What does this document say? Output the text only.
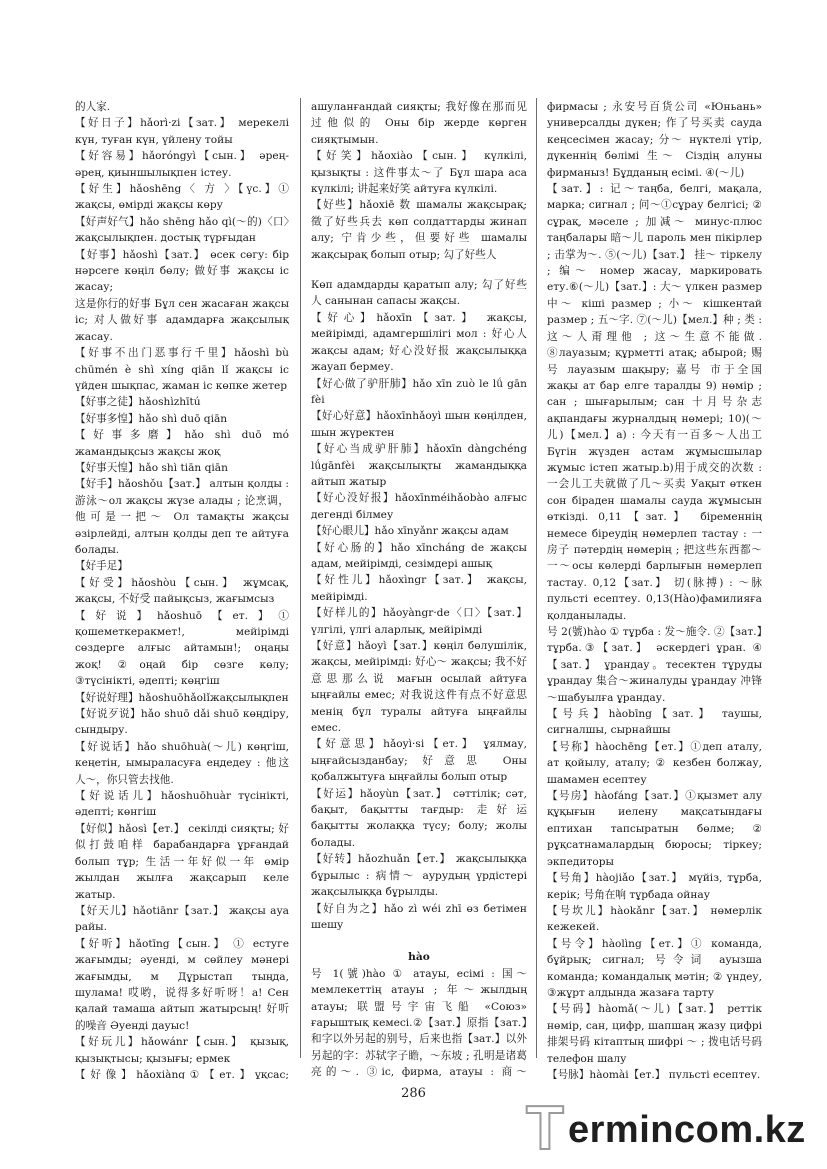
的人家.

【好日子】hǎorì·zi【зат.】 мерекелі күн, туған күн, үйлену тойы

【好容易】hǎoróngyì【сын.】 әрең-әрең, қиыншылықпен істеу.

【好生】hǎoshēng〈 ⽅ 〉【үс.】① жақсы, өмірді жақсы көру

【好声好气】hǎo shēng hǎo qì(～的)〈口〉жақсылықпен. достық түрғыдан

【好事】hǎoshì【зат.】 өсек сөгу: бір нәрсеге көңіл бөлу; 做好事 жақсы іс жасау;

这是你行的好事 Бұл сен жасаған жақсы іс; 对人做好事 адамдарға жақсылық жасау.

【好事不出门恶事行千里】hǎoshì bù chūmén è shì xíng qiān lǐ жақсы іс үйден шықпас, жаман іс көпке жетер

【好事之徒】hǎoshìzhītú

【好事多惶】hǎo shì duō qiān

【好事多磨】hǎo shì duō mó жамандықсыз жақсы жоқ

【好事天惶】hǎo shì tiān qiān

【好手】hǎoshǒu【зат.】 алтын қолды : 游泳～ол жақсы жүзе алады ; 论烹调，他可是一把～ Ол тамақты жақсы әзірлейді, алтын қолды деп те айтуға болады.

【好手足】

【好受】hǎoshòu【сын.】 жұмсақ, жақсы, 不好受 пайықсыз, жағымсыз

【好说】hǎoshuō【ет.】① қошеметкеракмет!, мейірімді сөздерге алғыс айтамын!; оңаңы жоқ! ②оңай бір сөзге көлу; ③түсінікті, әдепті; көңгіш

【好说好理】hǎoshuōhǎolǐжақсылықпен

【好说歹说】hǎo shuō dǎi shuō көңдіру, сындыру.

【好说话】hǎo shuōhuà(～儿) көңгіш, кеңетін, ымыраласуға еңдедеу : 他这人～，你只管去找他.

【好说话儿】hǎoshuōhuàr түсінікті, әдепті; көнгіш

【好似】hǎosì【ет.】 секілді сияқты; 好似打鼓咱样 барабандарға ұрғандай болып тұр; 生活一年好似一年 өмір жылдан жылға жақсарып келе жатыр.

【好天儿】hǎotiānr【зат.】 жақсы ауа райы.

【好听】hǎotīng【сын.】 ① естуге жағымды; әуенді, м сөйлеу мәнері жағымды, м Дұрыстап тыңда, шулама! 哎哟，说得多好听呀！а! Сен қалай тамаша айтып жатырсың! 好听的噪音 Әуенді дауыс!

【好玩儿】hǎowánr【сын.】 қызық, қызықтысы; қызығы; ермек

【好像】hǎoxiàng①【ет.】ұқсас;

ашуланғандай сияқты; 我好像在那而见过他似的 Оны бір жерде көрген сияқтымын.

【好笑】hǎoxiào【сын.】 күлкілі, қызықты : 这件事太～了 Бұл шара аса күлкілі; 讲起来好笑 айтуға күлкілі.

【好些】hǎoxiē 数 шамалы жақсырақ; 徵了好些兵去 көп солдаттарды жинап алу; 宁肯少些，但要好些 шамалы жақсырақ болып отыр; 勾了好些人

Көп адамдарды қаратып алу; 勾了好些人 санынан сапасы жақсы.

【好心】hǎoxīn【зат.】 жақсы, мейірімді, адамгершілігі мол : 好心人 жақсы адам; 好心没好报 жақсылыққа жауап бермеу.

【好心做了驴肝肺】hǎo xīn zuò le lǘ gān fèi

【好心好意】hǎoxīnhǎoyì шын көңілден, шын жүректен

【好心当成驴肝肺】hǎoxīn dàngchéng lǘgānfèi жақсылықты жамандыққа айтып жатыр

【好心没好报】hǎoxīnméihǎobào алғыс дегенді білмеу

【好心眼儿】hǎo xīnyǎnr жақсы адам

【好心肠的】hǎo xīncháng de жақсы адам, мейірімді, сезімдері ашық

【好性儿】hǎoxìngr【зат.】 жақсы, мейірімді.

【好样儿的】hǎoyàngr·de〈口〉【зат.】 үлгілі, үлгі аларлық, мейірімді

【好意】hǎoyì【зат.】көңіл бөлушілік, жақсы, мейірімді: 好心～ жақсы; 我不好意思那么说 мағын осылай айтуға ыңғайлы емес; 对我说这件有点不好意思 менің бұл туралы айтуға ыңғайлы емес.

【好意思】hǎoyì·si【ет.】 ұялмау, ыңғайсызданбау; 好意思 Оны қобалжытуға ыңғайлы болып отыр

【好运】hǎoyùn【зат.】 сәттілік; сәт, бақыт, бақытты тағдыр: 走好运 бақытты жолаққа түсу; болу; жолы болады.

【好转】hǎozhuǎn【ет.】 жақсылыққа бұрылыс : 病情～ аурудың үрдістері жақсылыққа бұрылды.

【好自为之】hǎo zì wéi zhī өз бетімен шешу

hào

号 1(號)hào ① атауы, есімі : 国～ мемлекеттің атауы ; 年～жылдың атауы; 联盟号宇宙飞船 «Союз» ғарыштық кемесі.②【зат.】原指【зат.】和字以外另起的别号，后来也指【зат.】以外另起的字：苏轼字子瞻，～东坡 ; 孔明是诸葛亮的～. ③ic, фирма, атауы : 商～

фирмасы ; 永安号百货公司 «Юньань» универсалды дүкен; 作了号买卖 сауда кеңсесімен жасау; 分～ нүктелі үтір, дүкеннің бөлімі 生～ Сіздің алуны фирманыз! Бұдданың есімі. ④(～儿)

【зат.】: 记～таңба, белгі, мақала, марка; сигнал ; 问～①сұрау белгісі; ② сұрақ, мәселе ; 加减～ минус-плюс таңбалары 暗～儿 пароль мен пікірлер ; 击掌为～. ⑤(～儿)【зат.】 挂～ тіркелу ; 编～ номер жасау, маркировать ету.⑥(～儿)【зат.】: 大～ үлкен размер 中～ кіші размер ; 小～ кішкентай размер ; 五～字. ⑦(～儿)【мел.】种 ; 类 : 这～人甭理他 ; 这～生意不能做. ⑧лауазым; құрметті атақ; абырой; 赐号 лауазым шақыру; 嘉号 市于全国 жақы ат бар елге таралды 9) нөмір ; сан ; шығарылым; сан 十月号杂志 ақпандағы журналдың нөмері; 10)(～儿)【мел.】а) : 今天有一百多～人出工 Бүгін жүзден астам жұмысшылар жұмыс істеп жатыр.b)用于成交的次数 : 一会儿工夫就做了几～买卖 Уақыт өткен сон біраден шамалы сауда жұмысын өткізді. 0,11【зат.】 біременнің немесе біреудің нөмерлеп тастау : 一房子 пәтердің нөмерің ; 把这些东西都～一～осы көлерді барлығын нөмерлеп тастау. 0,12【зат.】 切(脉搏) : ～脉 пульсті есептеу. 0,13(Hào)фамилияға қолданылады.

号 2(號)hào ① тұрба : 发～施令. ②【зат.】тұрба.③【зат.】 әскердегі ұран. ④【зат.】 ұрандау。тесектен тұруды ұрандау 集合～жиналуды ұрандау 冲锋～шабуылға ұрандау.

【号兵】hàobīng【зат.】 таушы, сигналшы, сырнайшы

【号称】hàochēng【ет.】①деп аталу, ат қойылу, аталу; ② кезбен болжау, шамамен есептеу

【号房】hàofáng【зат.】①қызмет алу құқығын иелену мақсатындағы ептихан тапсыратын бөлме; ② рұқсатнамалардың бюросы; тіркеу; экпедиторы

【号角】hàojiǎo【зат.】 мүйіз, тұрба, керік; 号角在响 тұрбада ойнау

【号坎儿】hàokǎnr【зат.】 нөмерлік кежекей.

【号令】hàolìng【ет.】① команда, бұйрық; сигнал; 号令词 ауызша команда; командалық мәтін; ② үндеу, ③жұрт алдында жазаға тарту

【号码】hàomǎ(～儿)【зат.】 реттік нөмір, сан, цифр, шапшаң жазу цифрі 排架号码 кітаптың шифрі ～ ; 拨电话号码 телефон шалу

【号脉】hàomài【ет.】 пульсті есептеу.

286
T ermincom.kz
